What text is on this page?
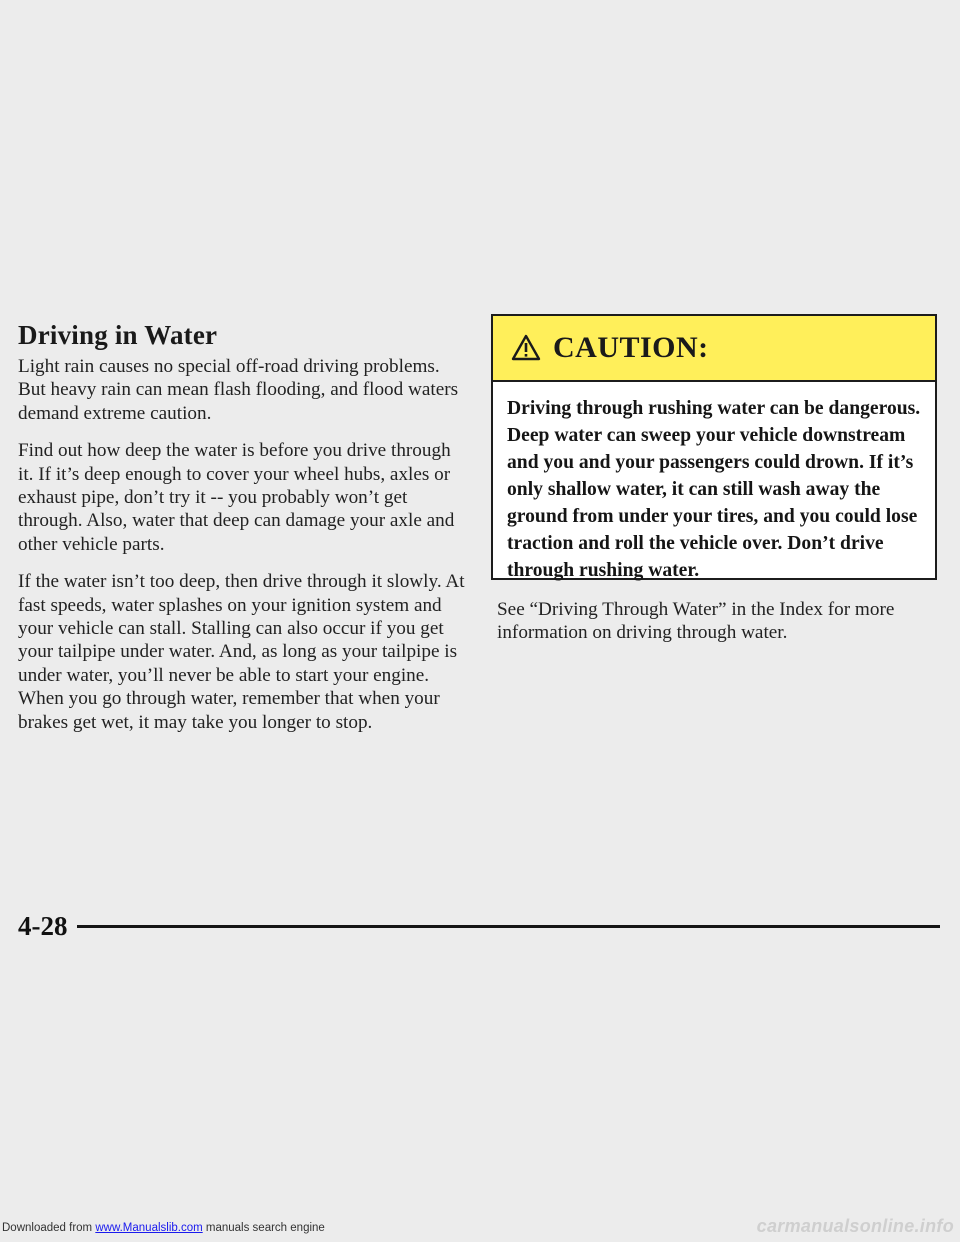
Driving in Water

Light rain causes no special off-road driving problems. But heavy rain can mean flash flooding, and flood waters demand extreme caution.

Find out how deep the water is before you drive through it. If it’s deep enough to cover your wheel hubs, axles or exhaust pipe, don’t try it -- you probably won’t get through. Also, water that deep can damage your axle and other vehicle parts.

If the water isn’t too deep, then drive through it slowly. At fast speeds, water splashes on your ignition system and your vehicle can stall. Stalling can also occur if you get your tailpipe under water. And, as long as your tailpipe is under water, you’ll never be able to start your engine. When you go through water, remember that when your brakes get wet, it may take you longer to stop.

CAUTION:
Driving through rushing water can be dangerous. Deep water can sweep your vehicle downstream and you and your passengers could drown. If it’s only shallow water, it can still wash away the ground from under your tires, and you could lose traction and roll the vehicle over. Don’t drive through rushing water.

See “Driving Through Water” in the Index for more information on driving through water.

4-28
Downloaded from www.Manualslib.com manuals search engine	carmanualsonline.info
